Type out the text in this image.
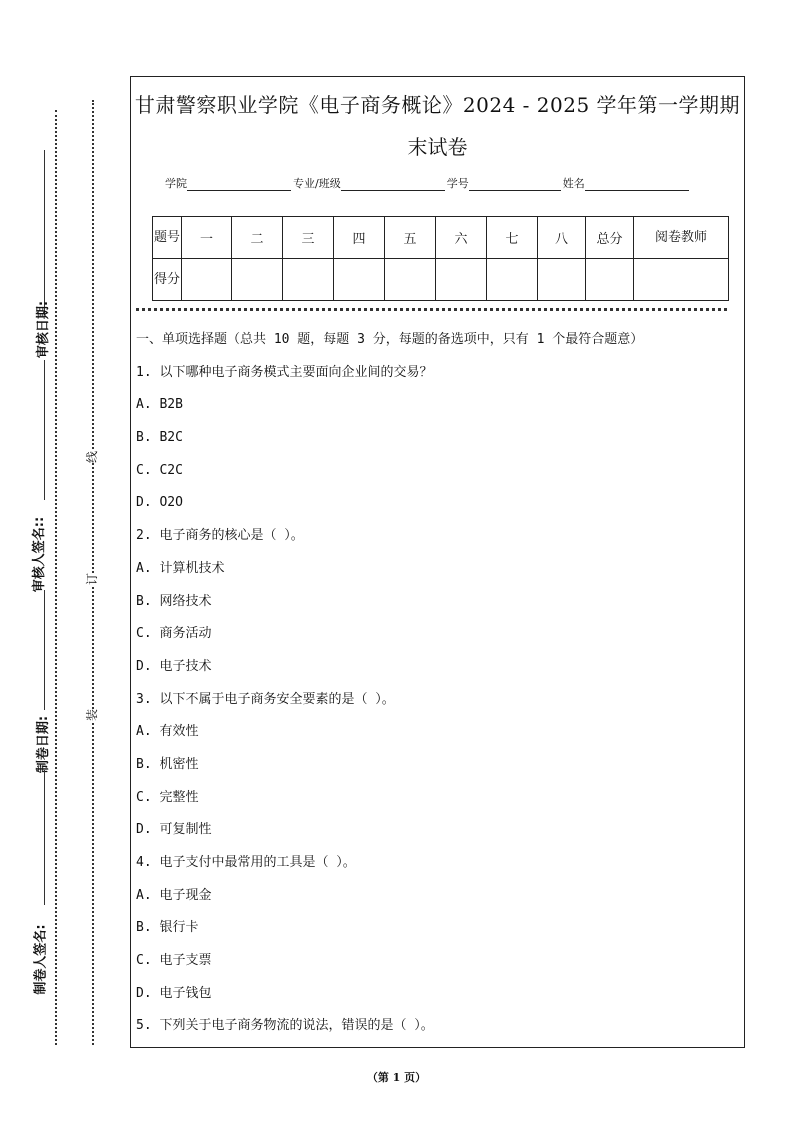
审核日期:
审核人签名::
制卷日期:
制卷人签名:
线
订
装
甘肃警察职业学院《电子商务概论》2024 - 2025 学年第一学期期
末试卷
学院	专业/班级	学号	姓名
题号	一	二	三	四	五	六	七	八	总分	阅卷教师
得分										
一、单项选择题（总共 10 题，每题 3 分，每题的备选项中，只有 1 个最符合题意）
1. 以下哪种电子商务模式主要面向企业间的交易？
A. B2B
B. B2C
C. C2C
D. O2O
2. 电子商务的核心是（ ）。
A. 计算机技术
B. 网络技术
C. 商务活动
D. 电子技术
3. 以下不属于电子商务安全要素的是（ ）。
A. 有效性
B. 机密性
C. 完整性
D. 可复制性
4. 电子支付中最常用的工具是（ ）。
A. 电子现金
B. 银行卡
C. 电子支票
D. 电子钱包
5. 下列关于电子商务物流的说法，错误的是（ ）。
（第 1 页）
